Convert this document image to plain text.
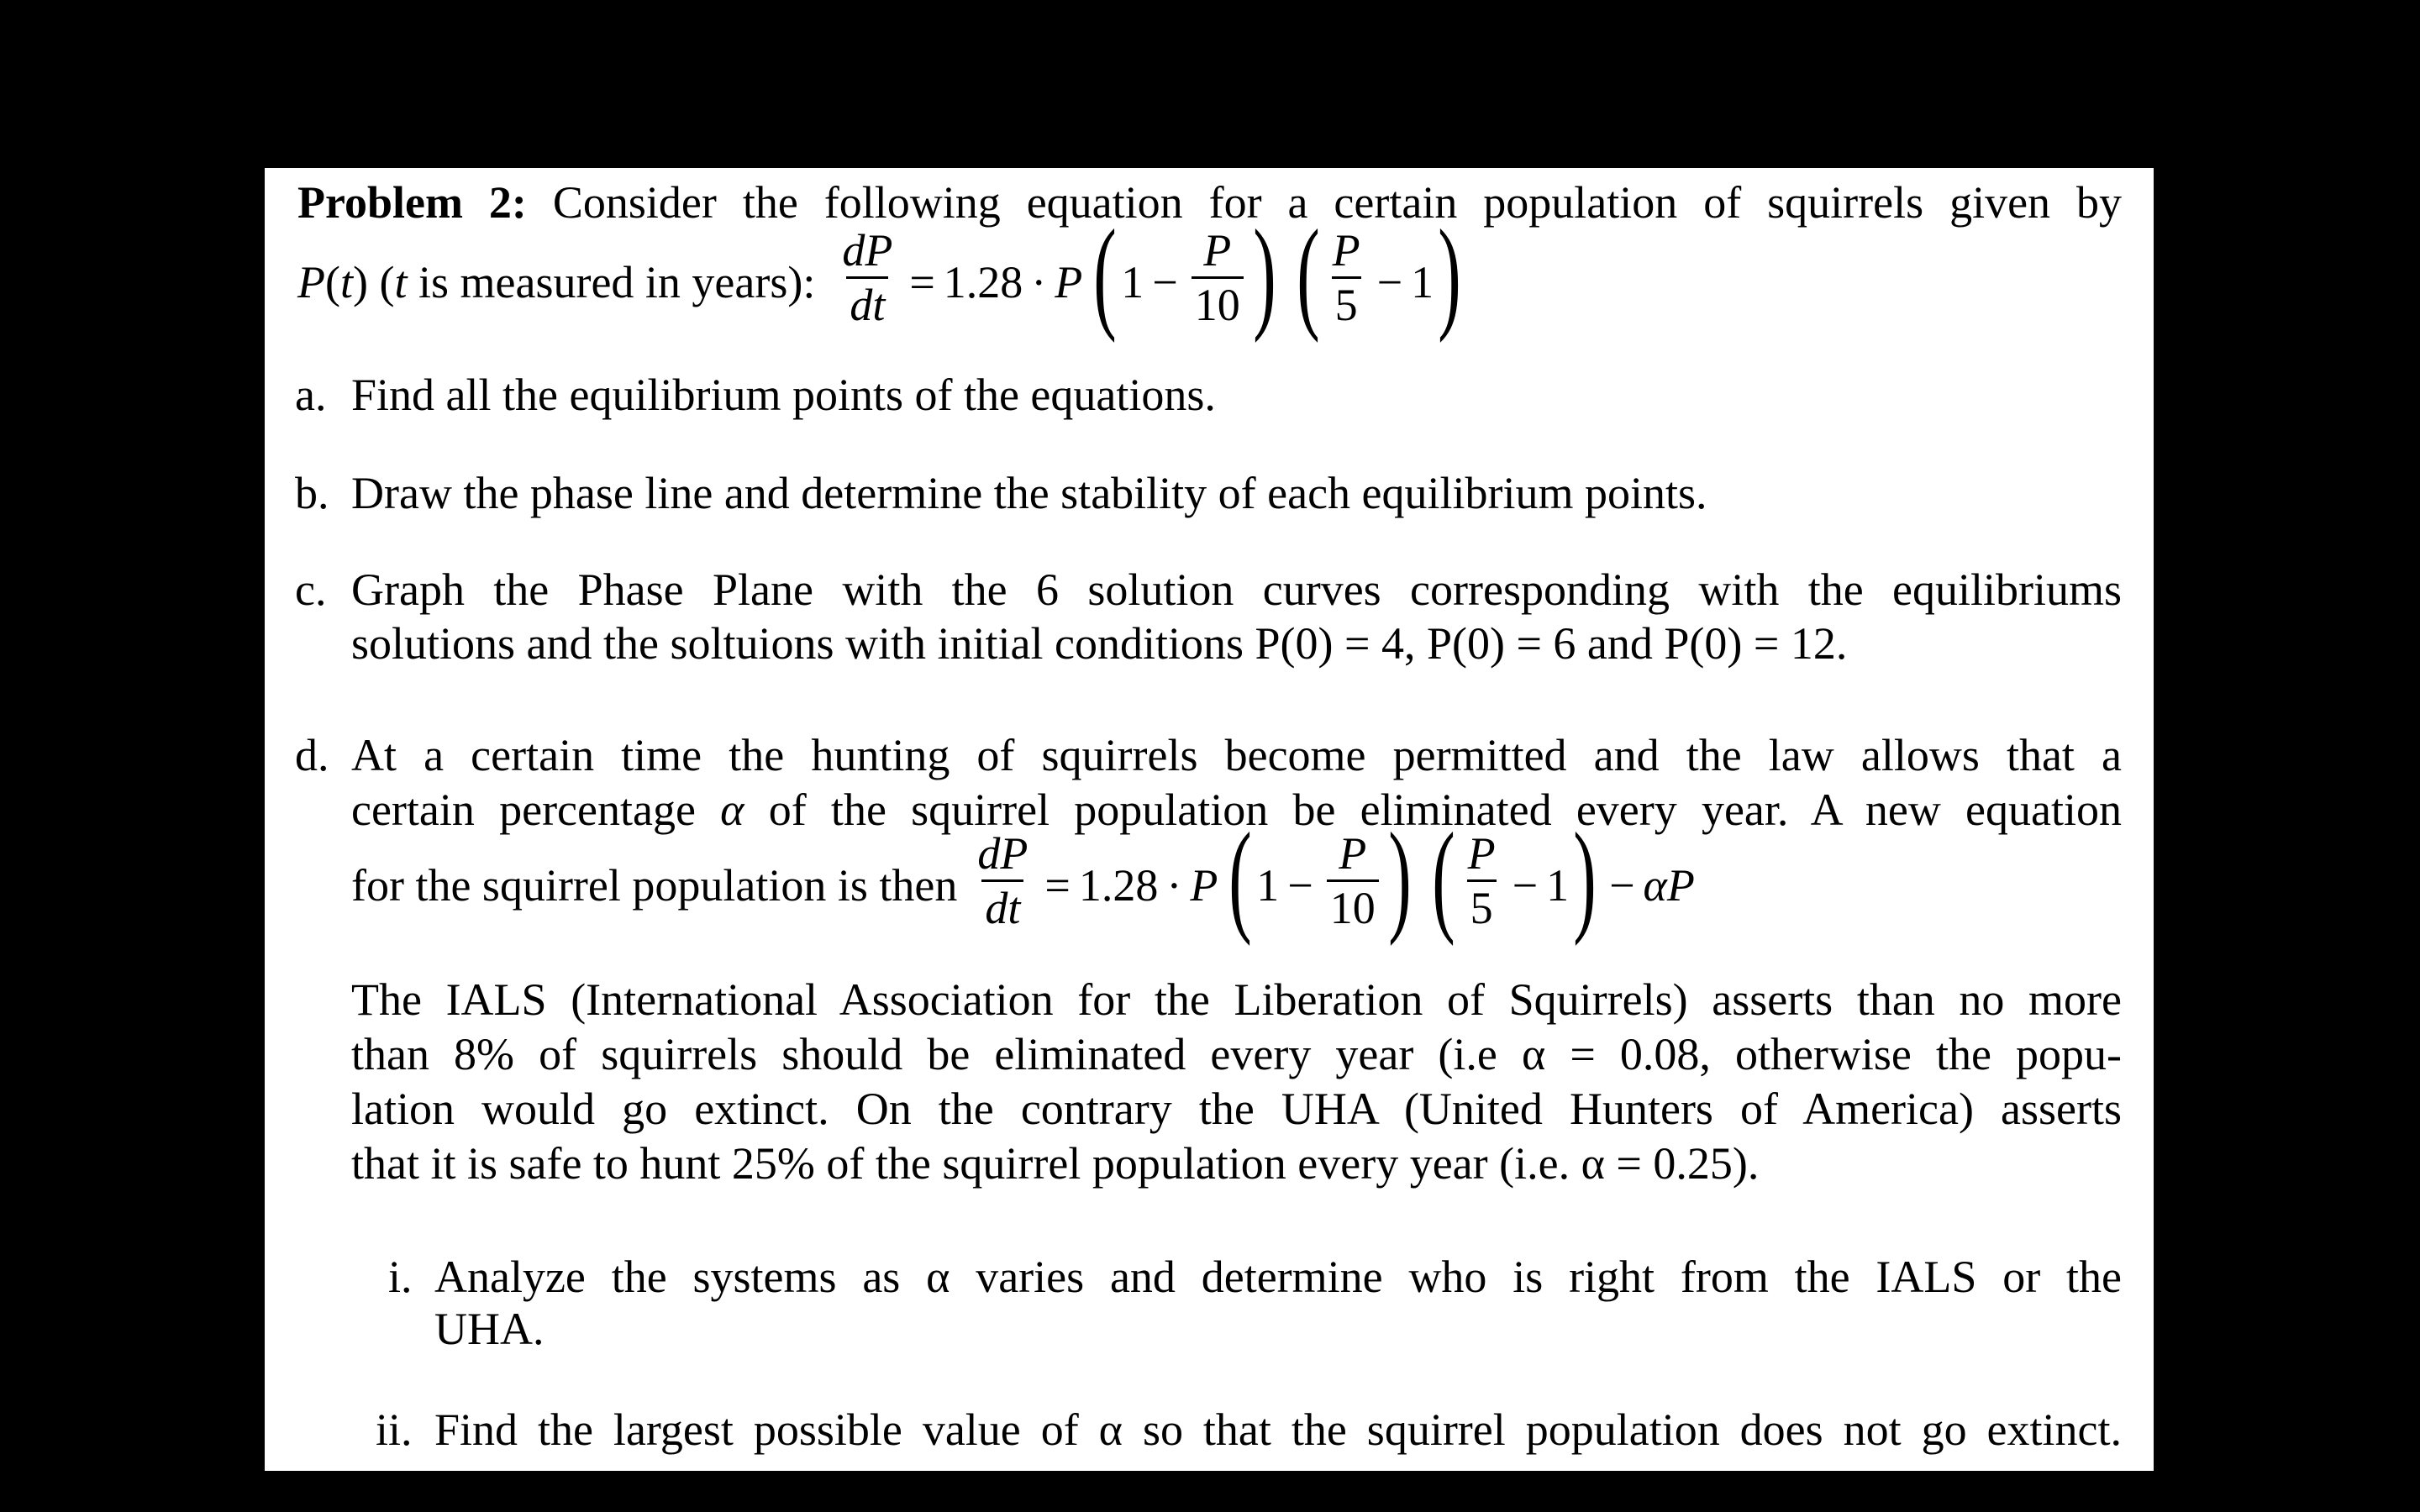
Problem 2: Consider the following equation for a certain population of squirrels given by
P (t)
( t
is measured in years): $\frac{dP}{dt} = 1.28 \cdot P$ ( $1 - \frac{P}{10}$ ) ( $\frac{P}{5} - 1$ )
a. Find all the equilibrium points of the equations.
b. Draw the phase line and determine the stability of each equilibrium points.
c. Graph the Phase Plane with the 6 solution curves corresponding with the equilibriums
solutions and the soltuions with initial conditions P(0) = 4, P(0) = 6 and P(0) = 12.
d. At a certain time the hunting of squirrels become permitted and the law allows that a
certain percentage α of the squirrel population be eliminated every year. A new equation
for the squirrel population is then $\frac{dP}{dt} = 1.28 \cdot P$ ( $1 - \frac{P}{10}$ ) ( $\frac{P}{5} - 1$ ) − αP
The IALS (International Association for the Liberation of Squirrels) asserts than no more
than 8% of squirrels should be eliminated every year (i.e α = 0.08, otherwise the popu-
lation would go extinct. On the contrary the UHA (United Hunters of America) asserts
that it is safe to hunt 25% of the squirrel population every year (i.e. α = 0.25).
i. Analyze the systems as α varies and determine who is right from the IALS or the
UHA.
ii. Find the largest possible value of α so that the squirrel population does not go extinct.
